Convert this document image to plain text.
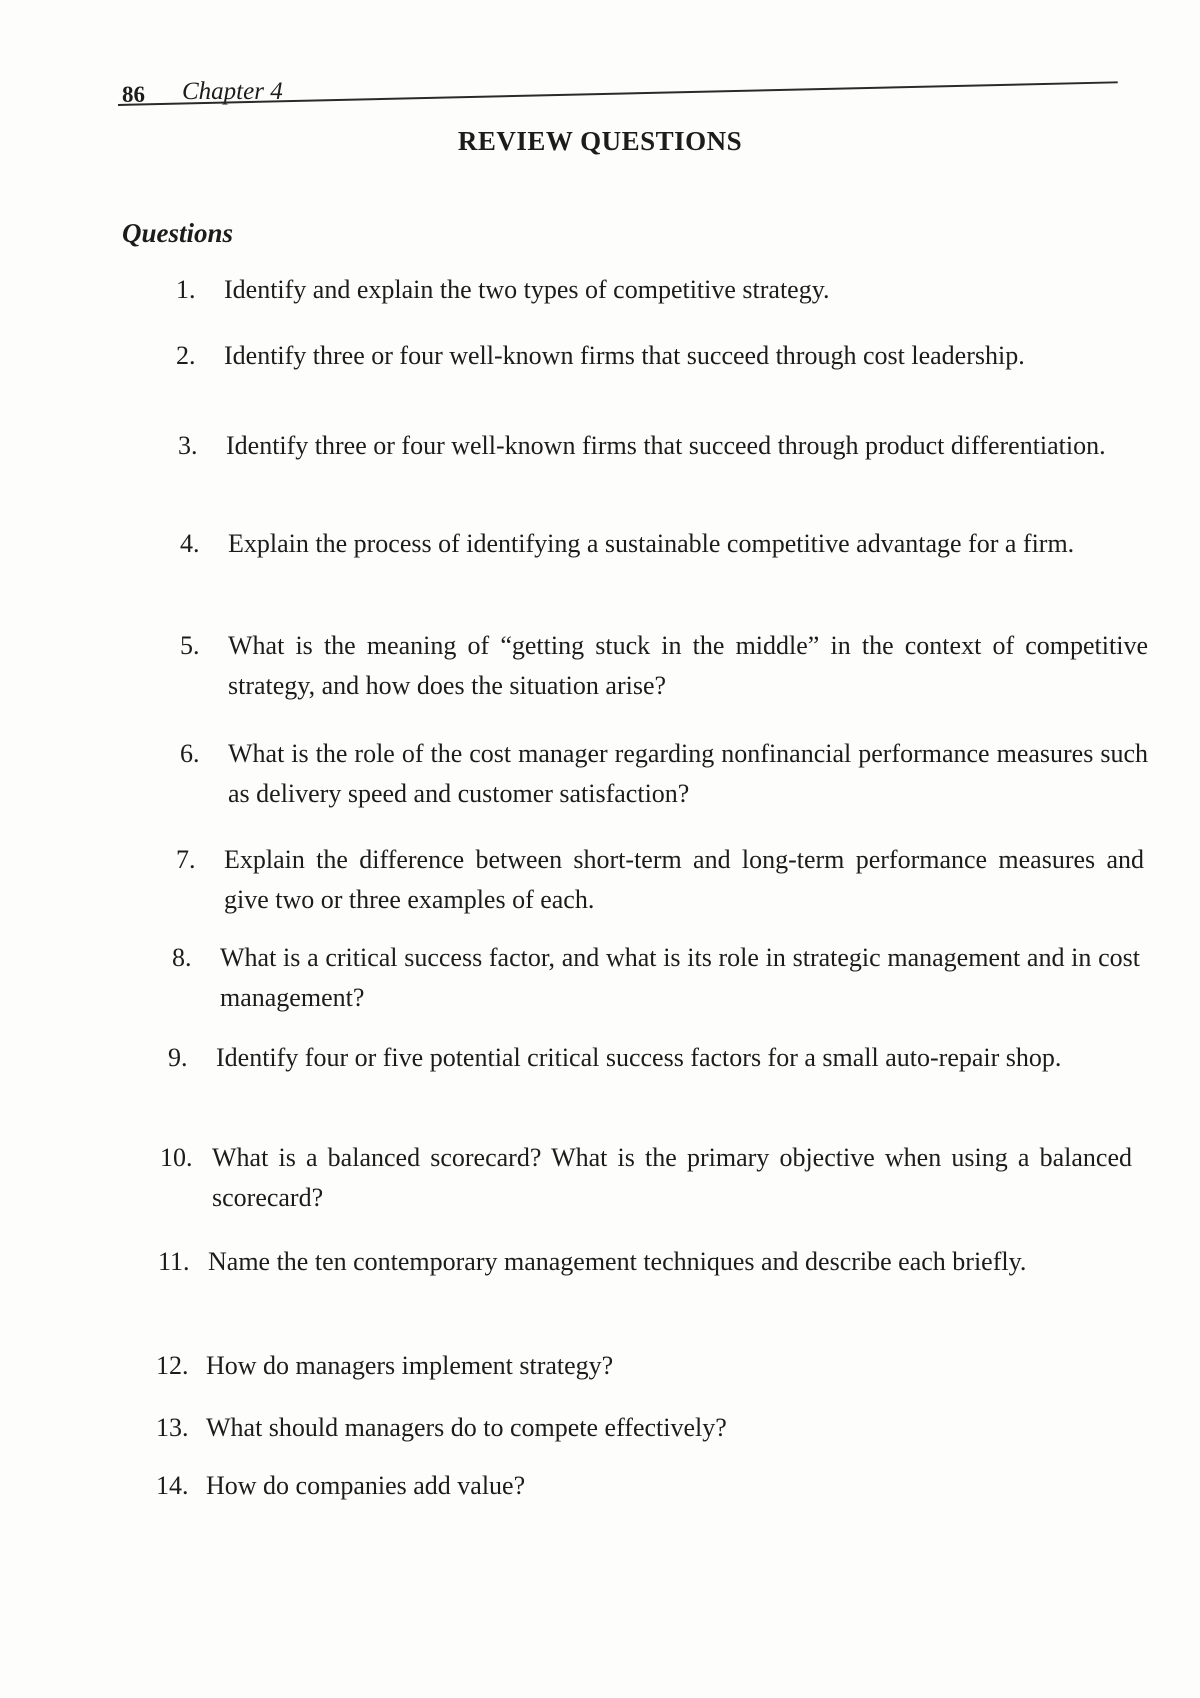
86 Chapter 4
REVIEW QUESTIONS
Questions
1.	Identify and explain the two types of competitive strategy.
2.	Identify three or four well-known firms that succeed through cost leadership.
3.	Identify three or four well-known firms that succeed through product differentiation.
4.	Explain the process of identifying a sustainable competitive advantage for a firm.
5.	What is the meaning of “getting stuck in the middle” in the context of competitive strategy, and how does the situation arise?
6.	What is the role of the cost manager regarding nonfinancial performance measures such as delivery speed and customer satisfaction?
7.	Explain the difference between short-term and long-term performance measures and give two or three examples of each.
8.	What is a critical success factor, and what is its role in strategic management and in cost management?
9.	Identify four or five potential critical success factors for a small auto-repair shop.
10. What is a balanced scorecard? What is the primary objective when using a balanced scorecard?
11. Name the ten contemporary management techniques and describe each briefly.
12. How do managers implement strategy?
13. What should managers do to compete effectively?
14. How do companies add value?
